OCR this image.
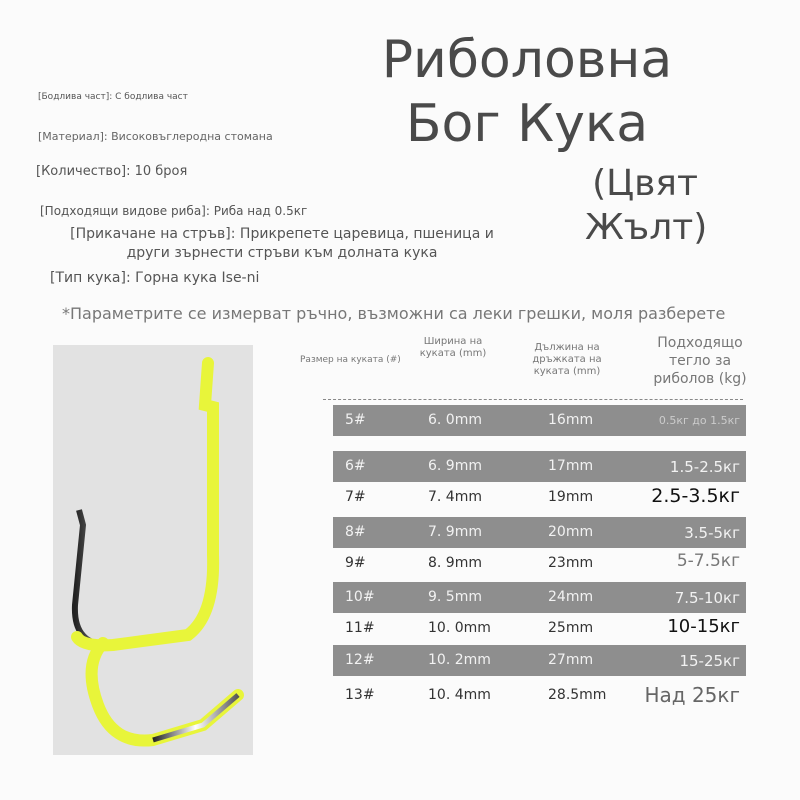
Риболовна
Бог Кука
(Цвят
Жълт)
[Бодлива част]: С бодлива част
[Материал]: Високовъглеродна стомана
[Количество]: 10 броя
[Подходящи видове риба]: Риба над 0.5кг
[Прикачане на стръв]: Прикрепете царевица, пшеница и други зърнести стръви към долната кука
[Тип кука]: Горна кука Ise-ni
*Параметрите се измерват ръчно, възможни са леки грешки, моля разберете
Размер на куката (#)
Ширина на куката (mm)
Дължина на дръжката на куката (mm)
Подходящо тегло за риболов (kg)
5#	6. 0mm	16mm	0.5кг до 1.5кг
6#	6. 9mm	17mm	1.5-2.5кг
7#	7. 4mm	19mm	2.5-3.5кг
8#	7. 9mm	20mm	3.5-5кг
9#	8. 9mm	23mm	5-7.5кг
10#	9. 5mm	24mm	7.5-10кг
11#	10. 0mm	25mm	10-15кг
12#	10. 2mm	27mm	15-25кг
13#	10. 4mm	28.5mm Над 25кг
